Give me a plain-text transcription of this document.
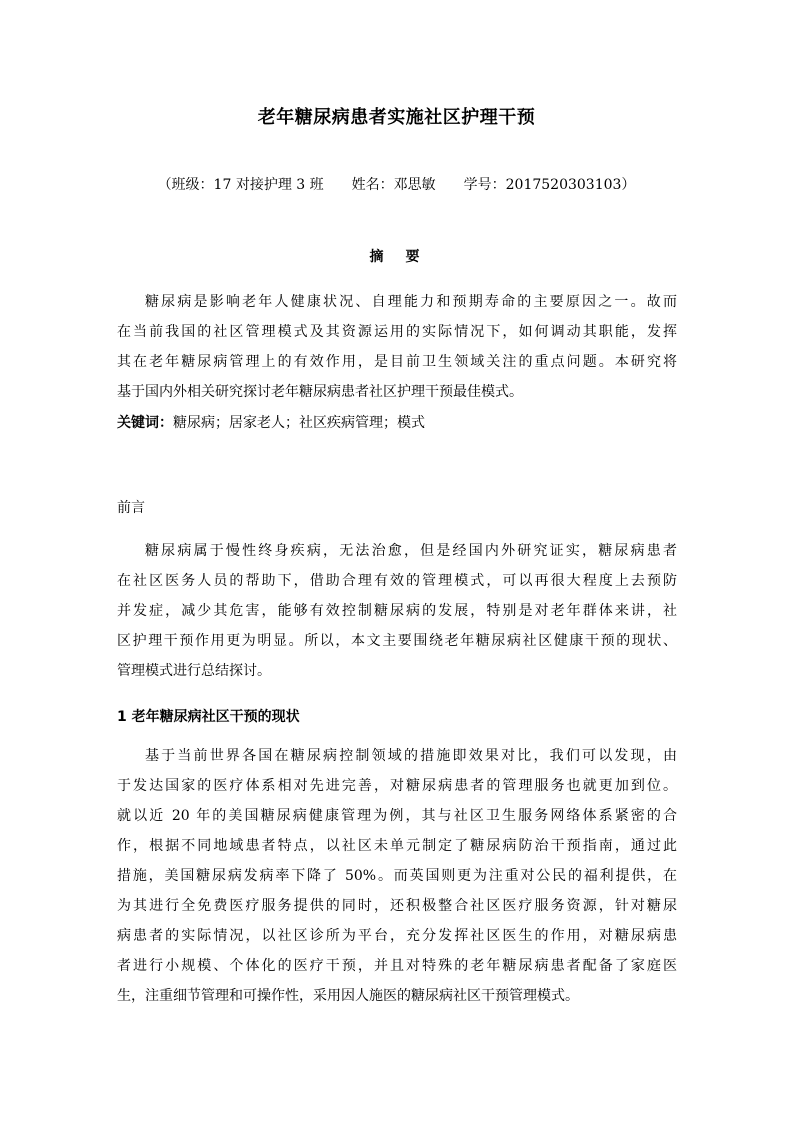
老年糖尿病患者实施社区护理干预
（班级：17 对接护理 3 班　　姓名：邓思敏　　学号：2017520303103）
摘　要
糖尿病是影响老年人健康状况、自理能力和预期寿命的主要原因之一。故而
在当前我国的社区管理模式及其资源运用的实际情况下，如何调动其职能，发挥
其在老年糖尿病管理上的有效作用，是目前卫生领域关注的重点问题。本研究将
基于国内外相关研究探讨老年糖尿病患者社区护理干预最佳模式。
关键词：糖尿病；居家老人；社区疾病管理；模式
前言
糖尿病属于慢性终身疾病，无法治愈，但是经国内外研究证实，糖尿病患者
在社区医务人员的帮助下，借助合理有效的管理模式，可以再很大程度上去预防
并发症，减少其危害，能够有效控制糖尿病的发展，特别是对老年群体来讲，社
区护理干预作用更为明显。所以，本文主要围绕老年糖尿病社区健康干预的现状、
管理模式进行总结探讨。
1 老年糖尿病社区干预的现状
基于当前世界各国在糖尿病控制领域的措施即效果对比，我们可以发现，由
于发达国家的医疗体系相对先进完善，对糖尿病患者的管理服务也就更加到位。
就以近 20 年的美国糖尿病健康管理为例，其与社区卫生服务网络体系紧密的合
作，根据不同地域患者特点，以社区未单元制定了糖尿病防治干预指南，通过此
措施，美国糖尿病发病率下降了 50%。而英国则更为注重对公民的福利提供，在
为其进行全免费医疗服务提供的同时，还积极整合社区医疗服务资源，针对糖尿
病患者的实际情况，以社区诊所为平台，充分发挥社区医生的作用，对糖尿病患
者进行小规模、个体化的医疗干预，并且对特殊的老年糖尿病患者配备了家庭医
生，注重细节管理和可操作性，采用因人施医的糖尿病社区干预管理模式。
